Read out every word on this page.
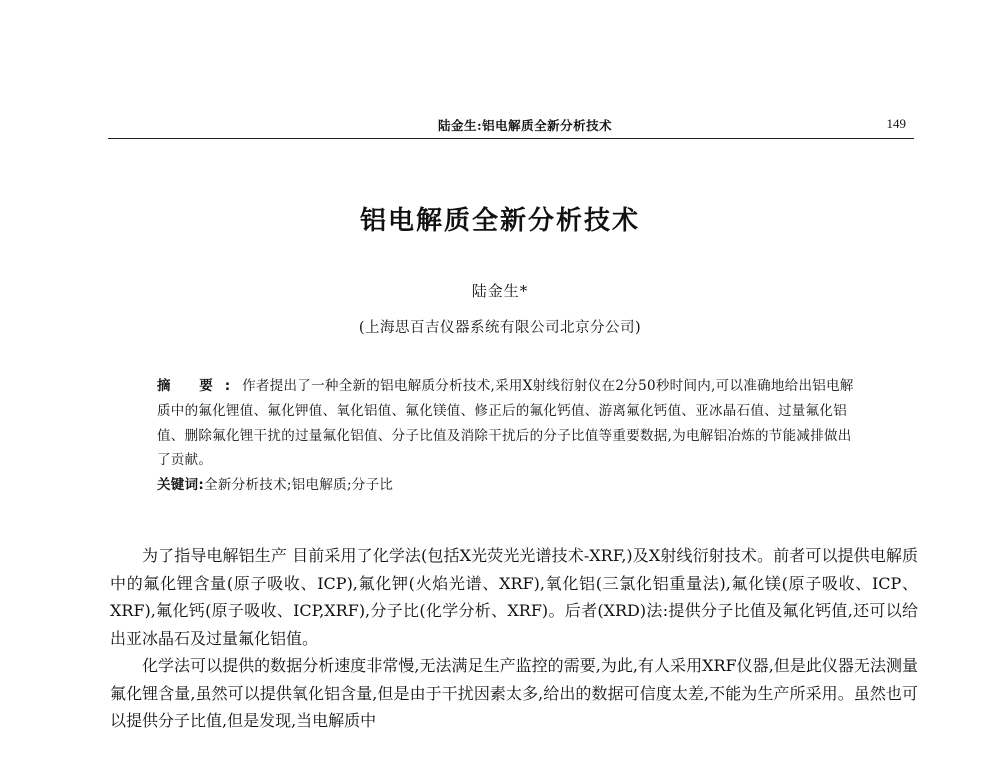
陆金生:铝电解质全新分析技术	149
铝电解质全新分析技术
陆金生*
(上海思百吉仪器系统有限公司北京分公司)

摘 要:作者提出了一种全新的铝电解质分析技术,采用X射线衍射仪在2分50秒时间内,可以准确地给出铝电解质中的氟化锂值、氟化钾值、氧化铝值、氟化镁值、修正后的氟化钙值、游离氟化钙值、亚冰晶石值、过量氟化铝值、删除氟化锂干扰的过量氟化铝值、分子比值及消除干扰后的分子比值等重要数据,为电解铝冶炼的节能减排做出了贡献。

关键词:全新分析技术;铝电解质;分子比

为了指导电解铝生产 目前采用了化学法(包括X光荧光光谱技术-XRF,)及X射线衍射技术。前者可以提供电解质中的氟化锂含量(原子吸收、ICP),氟化钾(火焰光谱、XRF),氧化铝(三氯化铝重量法),氟化镁(原子吸收、ICP、XRF),氟化钙(原子吸收、ICP,XRF),分子比(化学分析、XRF)。后者(XRD)法:提供分子比值及氟化钙值,还可以给出亚冰晶石及过量氟化铝值。

化学法可以提供的数据分析速度非常慢,无法满足生产监控的需要,为此,有人采用XRF仪器,但是此仪器无法测量氟化锂含量,虽然可以提供氧化铝含量,但是由于干扰因素太多,给出的数据可信度太差,不能为生产所采用。虽然也可以提供分子比值,但是发现,当电解质中
